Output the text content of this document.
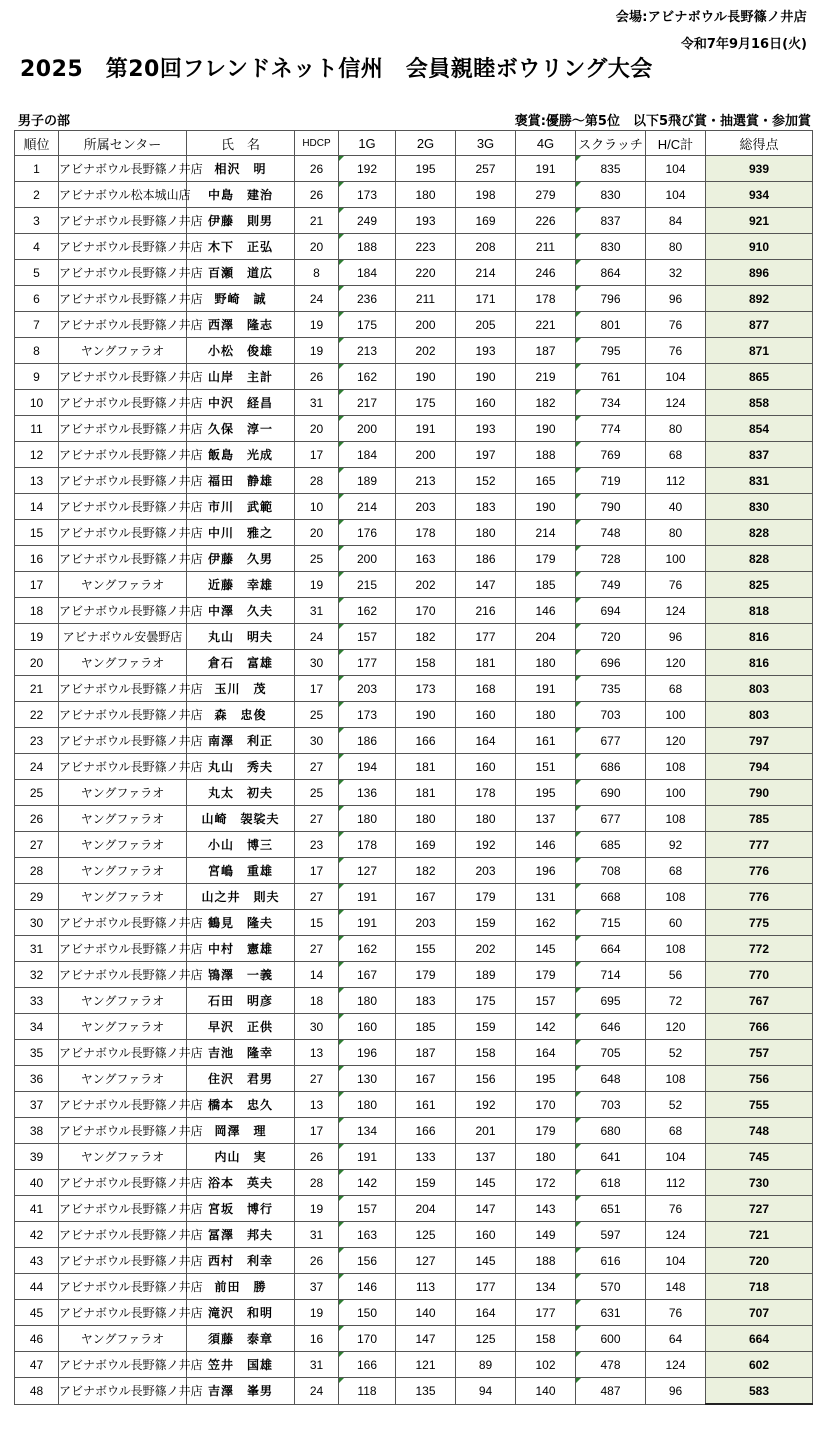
会場:アビナボウル長野篠ノ井店
令和7年9月16日(火)
2025　第20回フレンドネット信州　会員親睦ボウリング大会
男子の部	褒賞:優勝～第5位　以下5飛び賞・抽選賞・参加賞
順位	所属センター	氏　名	HDCP	1G	2G	3G	4G	スクラッチ	H/C計	総得点
1	アビナボウル長野篠ノ井店	相沢　明	26	192	195	257	191	835	104	939
2	アビナボウル松本城山店	中島　建治	26	173	180	198	279	830	104	934
3	アビナボウル長野篠ノ井店	伊藤　則男	21	249	193	169	226	837	84	921
4	アビナボウル長野篠ノ井店	木下　正弘	20	188	223	208	211	830	80	910
5	アビナボウル長野篠ノ井店	百瀬　道広	8	184	220	214	246	864	32	896
6	アビナボウル長野篠ノ井店	野崎　誠	24	236	211	171	178	796	96	892
7	アビナボウル長野篠ノ井店	西澤　隆志	19	175	200	205	221	801	76	877
8	ヤングファラオ	小松　俊雄	19	213	202	193	187	795	76	871
9	アビナボウル長野篠ノ井店	山岸　主計	26	162	190	190	219	761	104	865
10	アビナボウル長野篠ノ井店	中沢　経昌	31	217	175	160	182	734	124	858
11	アビナボウル長野篠ノ井店	久保　淳一	20	200	191	193	190	774	80	854
12	アビナボウル長野篠ノ井店	飯島　光成	17	184	200	197	188	769	68	837
13	アビナボウル長野篠ノ井店	福田　静雄	28	189	213	152	165	719	112	831
14	アビナボウル長野篠ノ井店	市川　武範	10	214	203	183	190	790	40	830
15	アビナボウル長野篠ノ井店	中川　雅之	20	176	178	180	214	748	80	828
16	アビナボウル長野篠ノ井店	伊藤　久男	25	200	163	186	179	728	100	828
17	ヤングファラオ	近藤　幸雄	19	215	202	147	185	749	76	825
18	アビナボウル長野篠ノ井店	中澤　久夫	31	162	170	216	146	694	124	818
19	アビナボウル安曇野店	丸山　明夫	24	157	182	177	204	720	96	816
20	ヤングファラオ	倉石　富雄	30	177	158	181	180	696	120	816
21	アビナボウル長野篠ノ井店	玉川　茂	17	203	173	168	191	735	68	803
22	アビナボウル長野篠ノ井店	森　忠俊	25	173	190	160	180	703	100	803
23	アビナボウル長野篠ノ井店	南澤　利正	30	186	166	164	161	677	120	797
24	アビナボウル長野篠ノ井店	丸山　秀夫	27	194	181	160	151	686	108	794
25	ヤングファラオ	丸太　初夫	25	136	181	178	195	690	100	790
26	ヤングファラオ	山崎　袈裟夫	27	180	180	180	137	677	108	785
27	ヤングファラオ	小山　博三	23	178	169	192	146	685	92	777
28	ヤングファラオ	宮嶋　重雄	17	127	182	203	196	708	68	776
29	ヤングファラオ	山之井　則夫	27	191	167	179	131	668	108	776
30	アビナボウル長野篠ノ井店	鶴見　隆夫	15	191	203	159	162	715	60	775
31	アビナボウル長野篠ノ井店	中村　憲雄	27	162	155	202	145	664	108	772
32	アビナボウル長野篠ノ井店	鴇澤　一義	14	167	179	189	179	714	56	770
33	ヤングファラオ	石田　明彦	18	180	183	175	157	695	72	767
34	ヤングファラオ	早沢　正供	30	160	185	159	142	646	120	766
35	アビナボウル長野篠ノ井店	吉池　隆幸	13	196	187	158	164	705	52	757
36	ヤングファラオ	住沢　君男	27	130	167	156	195	648	108	756
37	アビナボウル長野篠ノ井店	橋本　忠久	13	180	161	192	170	703	52	755
38	アビナボウル長野篠ノ井店	岡澤　理	17	134	166	201	179	680	68	748
39	ヤングファラオ	内山　実	26	191	133	137	180	641	104	745
40	アビナボウル長野篠ノ井店	浴本　英夫	28	142	159	145	172	618	112	730
41	アビナボウル長野篠ノ井店	宮坂　博行	19	157	204	147	143	651	76	727
42	アビナボウル長野篠ノ井店	冨澤　邦夫	31	163	125	160	149	597	124	721
43	アビナボウル長野篠ノ井店	西村　利幸	26	156	127	145	188	616	104	720
44	アビナボウル長野篠ノ井店	前田　勝	37	146	113	177	134	570	148	718
45	アビナボウル長野篠ノ井店	滝沢　和明	19	150	140	164	177	631	76	707
46	ヤングファラオ	須藤　泰章	16	170	147	125	158	600	64	664
47	アビナボウル長野篠ノ井店	笠井　国雄	31	166	121	89	102	478	124	602
48	アビナボウル長野篠ノ井店	吉澤　峯男	24	118	135	94	140	487	96	583
